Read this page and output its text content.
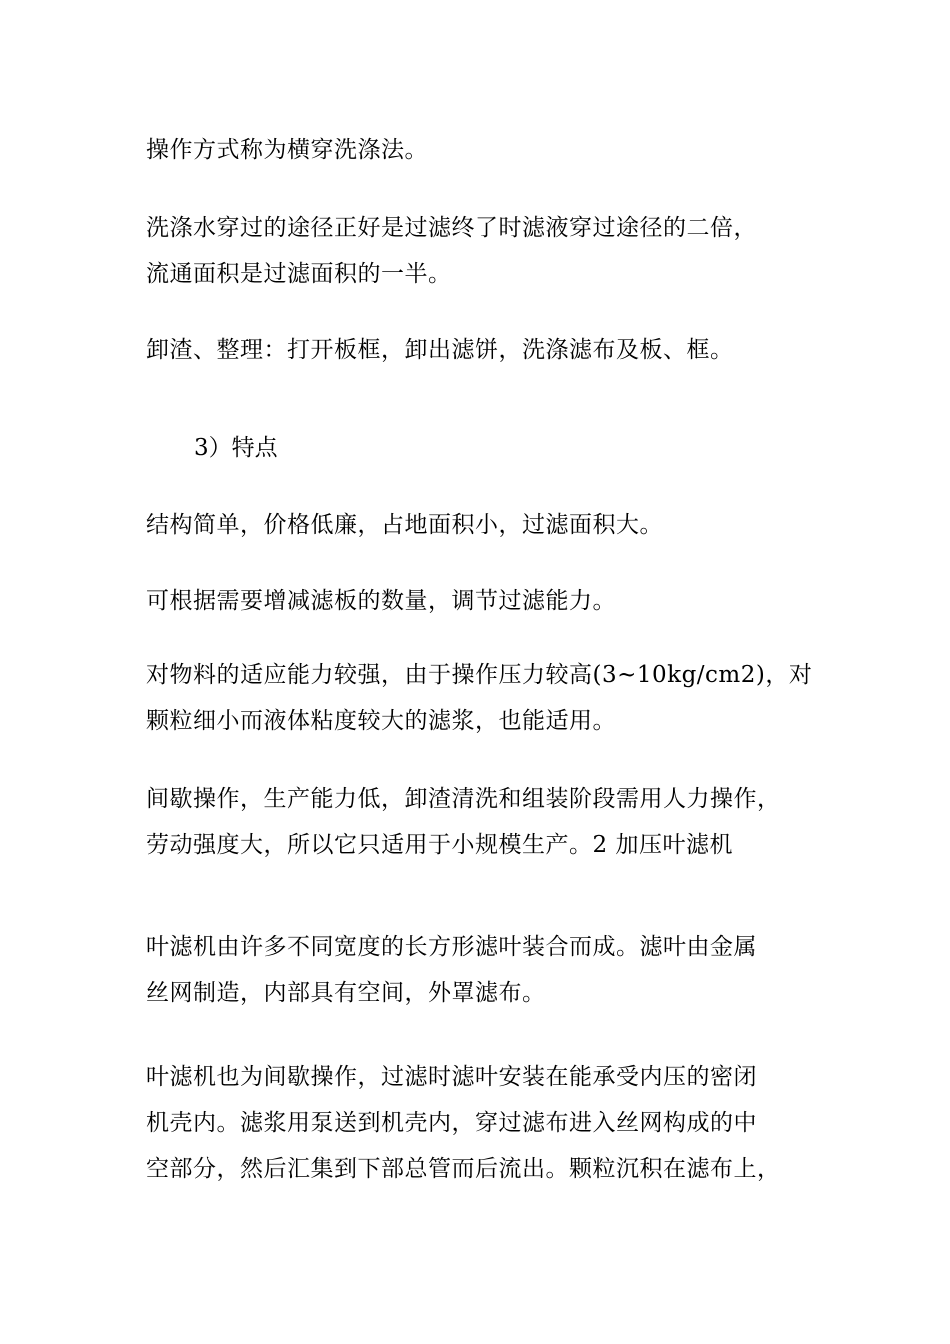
操作方式称为横穿洗涤法。

洗涤水穿过的途径正好是过滤终了时滤液穿过途径的二倍，
流通面积是过滤面积的一半。

卸渣、整理：打开板框，卸出滤饼，洗涤滤布及板、框。

3）特点

结构简单，价格低廉，占地面积小，过滤面积大。

可根据需要增减滤板的数量，调节过滤能力。

对物料的适应能力较强，由于操作压力较高(3~10kg/cm2)，对
颗粒细小而液体粘度较大的滤浆，也能适用。

间歇操作，生产能力低，卸渣清洗和组装阶段需用人力操作，
劳动强度大，所以它只适用于小规模生产。2 加压叶滤机

叶滤机由许多不同宽度的长方形滤叶装合而成。滤叶由金属
丝网制造，内部具有空间，外罩滤布。

叶滤机也为间歇操作，过滤时滤叶安装在能承受内压的密闭
机壳内。滤浆用泵送到机壳内，穿过滤布进入丝网构成的中
空部分，然后汇集到下部总管而后流出。颗粒沉积在滤布上，
